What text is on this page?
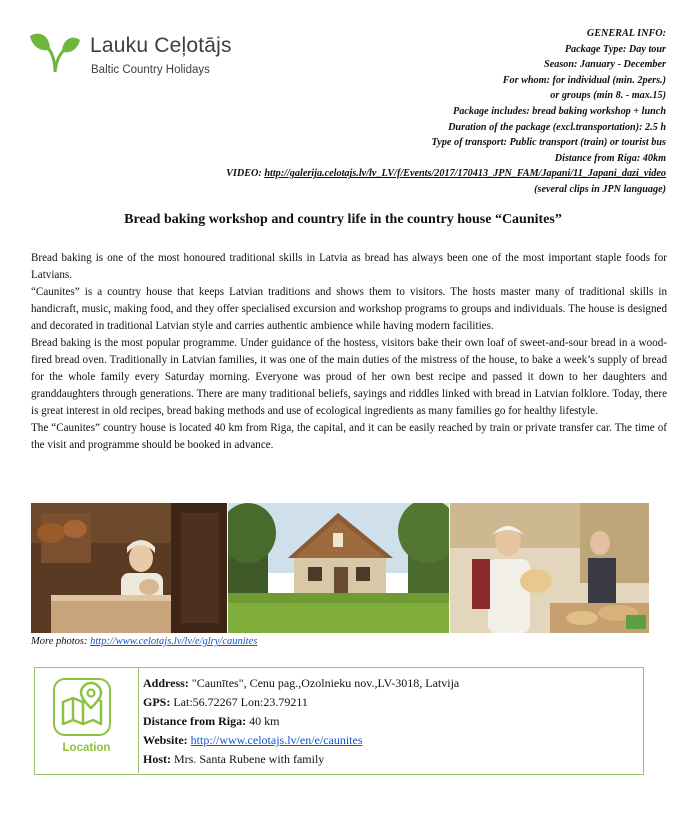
Lauku Ceļotājs
Baltic Country Holidays
GENERAL INFO:
Package Type: Day tour
Season: January - December
For whom: for individual (min. 2pers.)
or groups (min 8. - max.15)
Package includes: bread baking workshop + lunch
Duration of the package (excl.transportation): 2.5 h
Type of transport: Public transport (train) or tourist bus
Distance from Riga: 40km
VIDEO: http://galerija.celotajs.lv/lv_LV/f/Events/2017/170413_JPN_FAM/Japani/11_Japani_dazi_video
(several clips in JPN language)
Bread baking workshop and country life in the country house “Caunites”

Bread baking is one of the most honoured traditional skills in Latvia as bread has always been one of the most important staple foods for Latvians.

“Caunites” is a country house that keeps Latvian traditions and shows them to visitors. The hosts master many of traditional skills in handicraft, music, making food, and they offer specialised excursion and workshop programs to groups and individuals. The house is designed and decorated in traditional Latvian style and carries authentic ambience while having modern facilities.

Bread baking is the most popular programme. Under guidance of the hostess, visitors bake their own loaf of sweet-and-sour bread in a wood-fired bread oven. Traditionally in Latvian families, it was one of the main duties of the mistress of the house, to bake a week’s supply of bread for the whole family every Saturday morning. Everyone was proud of her own best recipe and passed it down to her daughters and granddaughters through generations. There are many traditional beliefs, sayings and riddles linked with bread in Latvian folklore. Today, there is great interest in old recipes, bread baking methods and use of ecological ingredients as many families go for healthy lifestyle.

The “Caunites” country house is located 40 km from Riga, the capital, and it can be easily reached by train or private transfer car. The time of the visit and programme should be booked in advance.

More photos: http://www.celotajs.lv/lv/e/glry/caunites
Location
Address: "Caunītes", Cenu pag.,Ozolnieku nov.,LV-3018, Latvija
GPS: Lat:56.72267 Lon:23.79211
Distance from Riga: 40 km
Website: http://www.celotajs.lv/en/e/caunites
Host: Mrs. Santa Rubene with family
